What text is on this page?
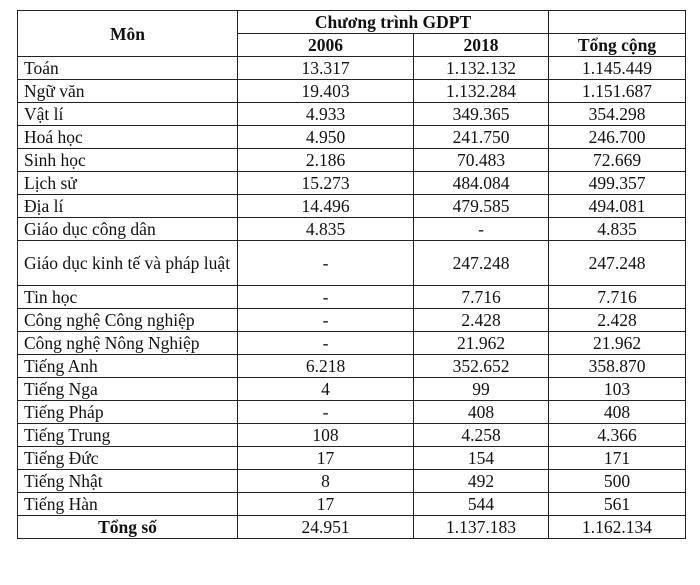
Môn	Chương trình GDPT		
	2006	2018	Tổng cộng
Toán	13.317	1.132.132	1.145.449
Ngữ văn	19.403	1.132.284	1.151.687
Vật lí	4.933	349.365	354.298
Hoá học	4.950	241.750	246.700
Sinh học	2.186	70.483	72.669
Lịch sử	15.273	484.084	499.357
Địa lí	14.496	479.585	494.081
Giáo dục công dân	4.835	-	4.835
Giáo dục kinh tế và pháp luật	-	247.248	247.248
Tin học	-	7.716	7.716
Công nghệ Công nghiệp	-	2.428	2.428
Công nghệ Nông Nghiệp	-	21.962	21.962
Tiếng Anh	6.218	352.652	358.870
Tiếng Nga	4	99	103
Tiếng Pháp	-	408	408
Tiếng Trung	108	4.258	4.366
Tiếng Đức	17	154	171
Tiếng Nhật	8	492	500
Tiếng Hàn	17	544	561
Tổng số	24.951	1.137.183	1.162.134
